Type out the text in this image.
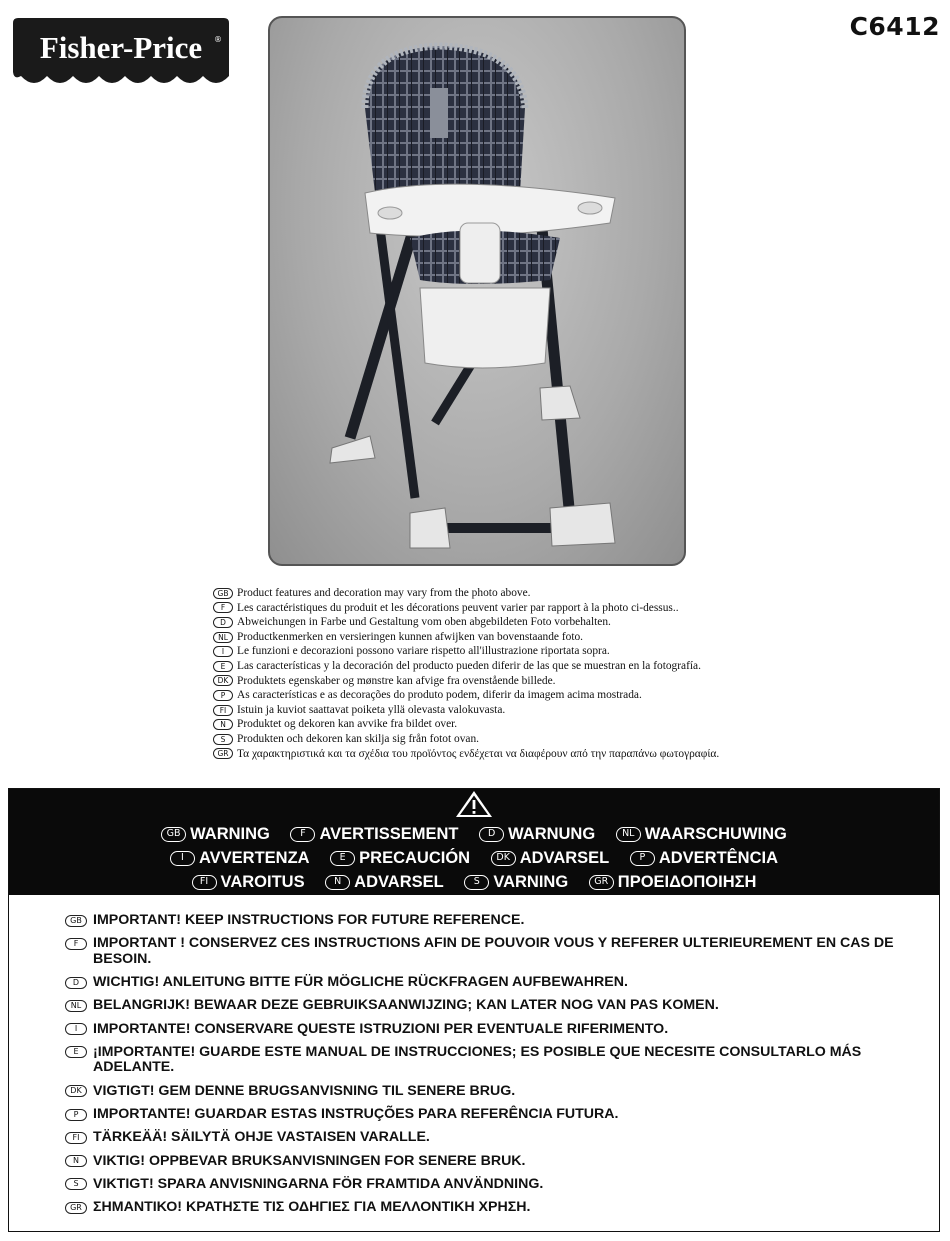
Fisher-Price ®	C6412
GB Product features and decoration may vary from the photo above.
F	Les caractéristiques du produit et les décorations peuvent varier par rapport à la photo ci-dessus..
D Abweichungen in Farbe und Gestaltung vom oben abgebildeten Foto vorbehalten.
NL Productkenmerken en versieringen kunnen afwijken van bovenstaande foto.
I	Le funzioni e decorazioni possono variare rispetto all'illustrazione riportata sopra.
E	Las características y la decoración del producto pueden diferir de las que se muestran en la fotografía.
DK Produktets egenskaber og mønstre kan afvige fra ovenstående billede.
P	As características e as decorações do produto podem, diferir da imagem acima mostrada.
FI Istuin ja kuviot saattavat poiketa yllä olevasta valokuvasta.
N Produktet og dekoren kan avvike fra bildet over.
S	Produkten och dekoren kan skilja sig från fotot ovan.
GR Τα χαρακτηριστικά και τα σχέδια του προϊόντος ενδέχεται να διαφέρουν από την παραπάνω φωτογραφία.
GB WARNING
	F AVERTISSEMENT
	D WARNUNG
	NL WAARSCHUWING
I AVVERTENZA
	E PRECAUCIÓN
	DK ADVARSEL
	P ADVERTÊNCIA
FI VAROITUS
	N ADVARSEL
	S VARNING
	GR ΠΡΟΕΙΔΟΠΟΙΗΣΗ
GB IMPORTANT! KEEP INSTRUCTIONS FOR FUTURE REFERENCE.
F	IMPORTANT ! CONSERVEZ CES INSTRUCTIONS AFIN DE POUVOIR VOUS Y REFERER ULTERIEUREMENT EN CAS DE BESOIN.
D WICHTIG! ANLEITUNG BITTE FÜR MÖGLICHE RÜCKFRAGEN AUFBEWAHREN.
NL BELANGRIJK! BEWAAR DEZE GEBRUIKSAANWIJZING; KAN LATER NOG VAN PAS KOMEN.
I	IMPORTANTE! CONSERVARE QUESTE ISTRUZIONI PER EVENTUALE RIFERIMENTO.
E	¡IMPORTANTE! GUARDE ESTE MANUAL DE INSTRUCCIONES; ES POSIBLE QUE NECESITE CONSULTARLO MÁS ADELANTE.
DK VIGTIGT! GEM DENNE BRUGSANVISNING TIL SENERE BRUG.
P	IMPORTANTE! GUARDAR ESTAS INSTRUÇÕES PARA REFERÊNCIA FUTURA.
FI TÄRKEÄÄ! SÄILYTÄ OHJE VASTAISEN VARALLE.
N VIKTIG! OPPBEVAR BRUKSANVISNINGEN FOR SENERE BRUK.
S	VIKTIGT! SPARA ANVISNINGARNA FÖR FRAMTIDA ANVÄNDNING.
GR ΣΗΜΑΝΤΙΚΟ! ΚΡΑΤΗΣΤΕ ΤΙΣ ΟΔΗΓΙΕΣ ΓΙΑ ΜΕΛΛΟΝΤΙΚΗ ΧΡΗΣΗ.
